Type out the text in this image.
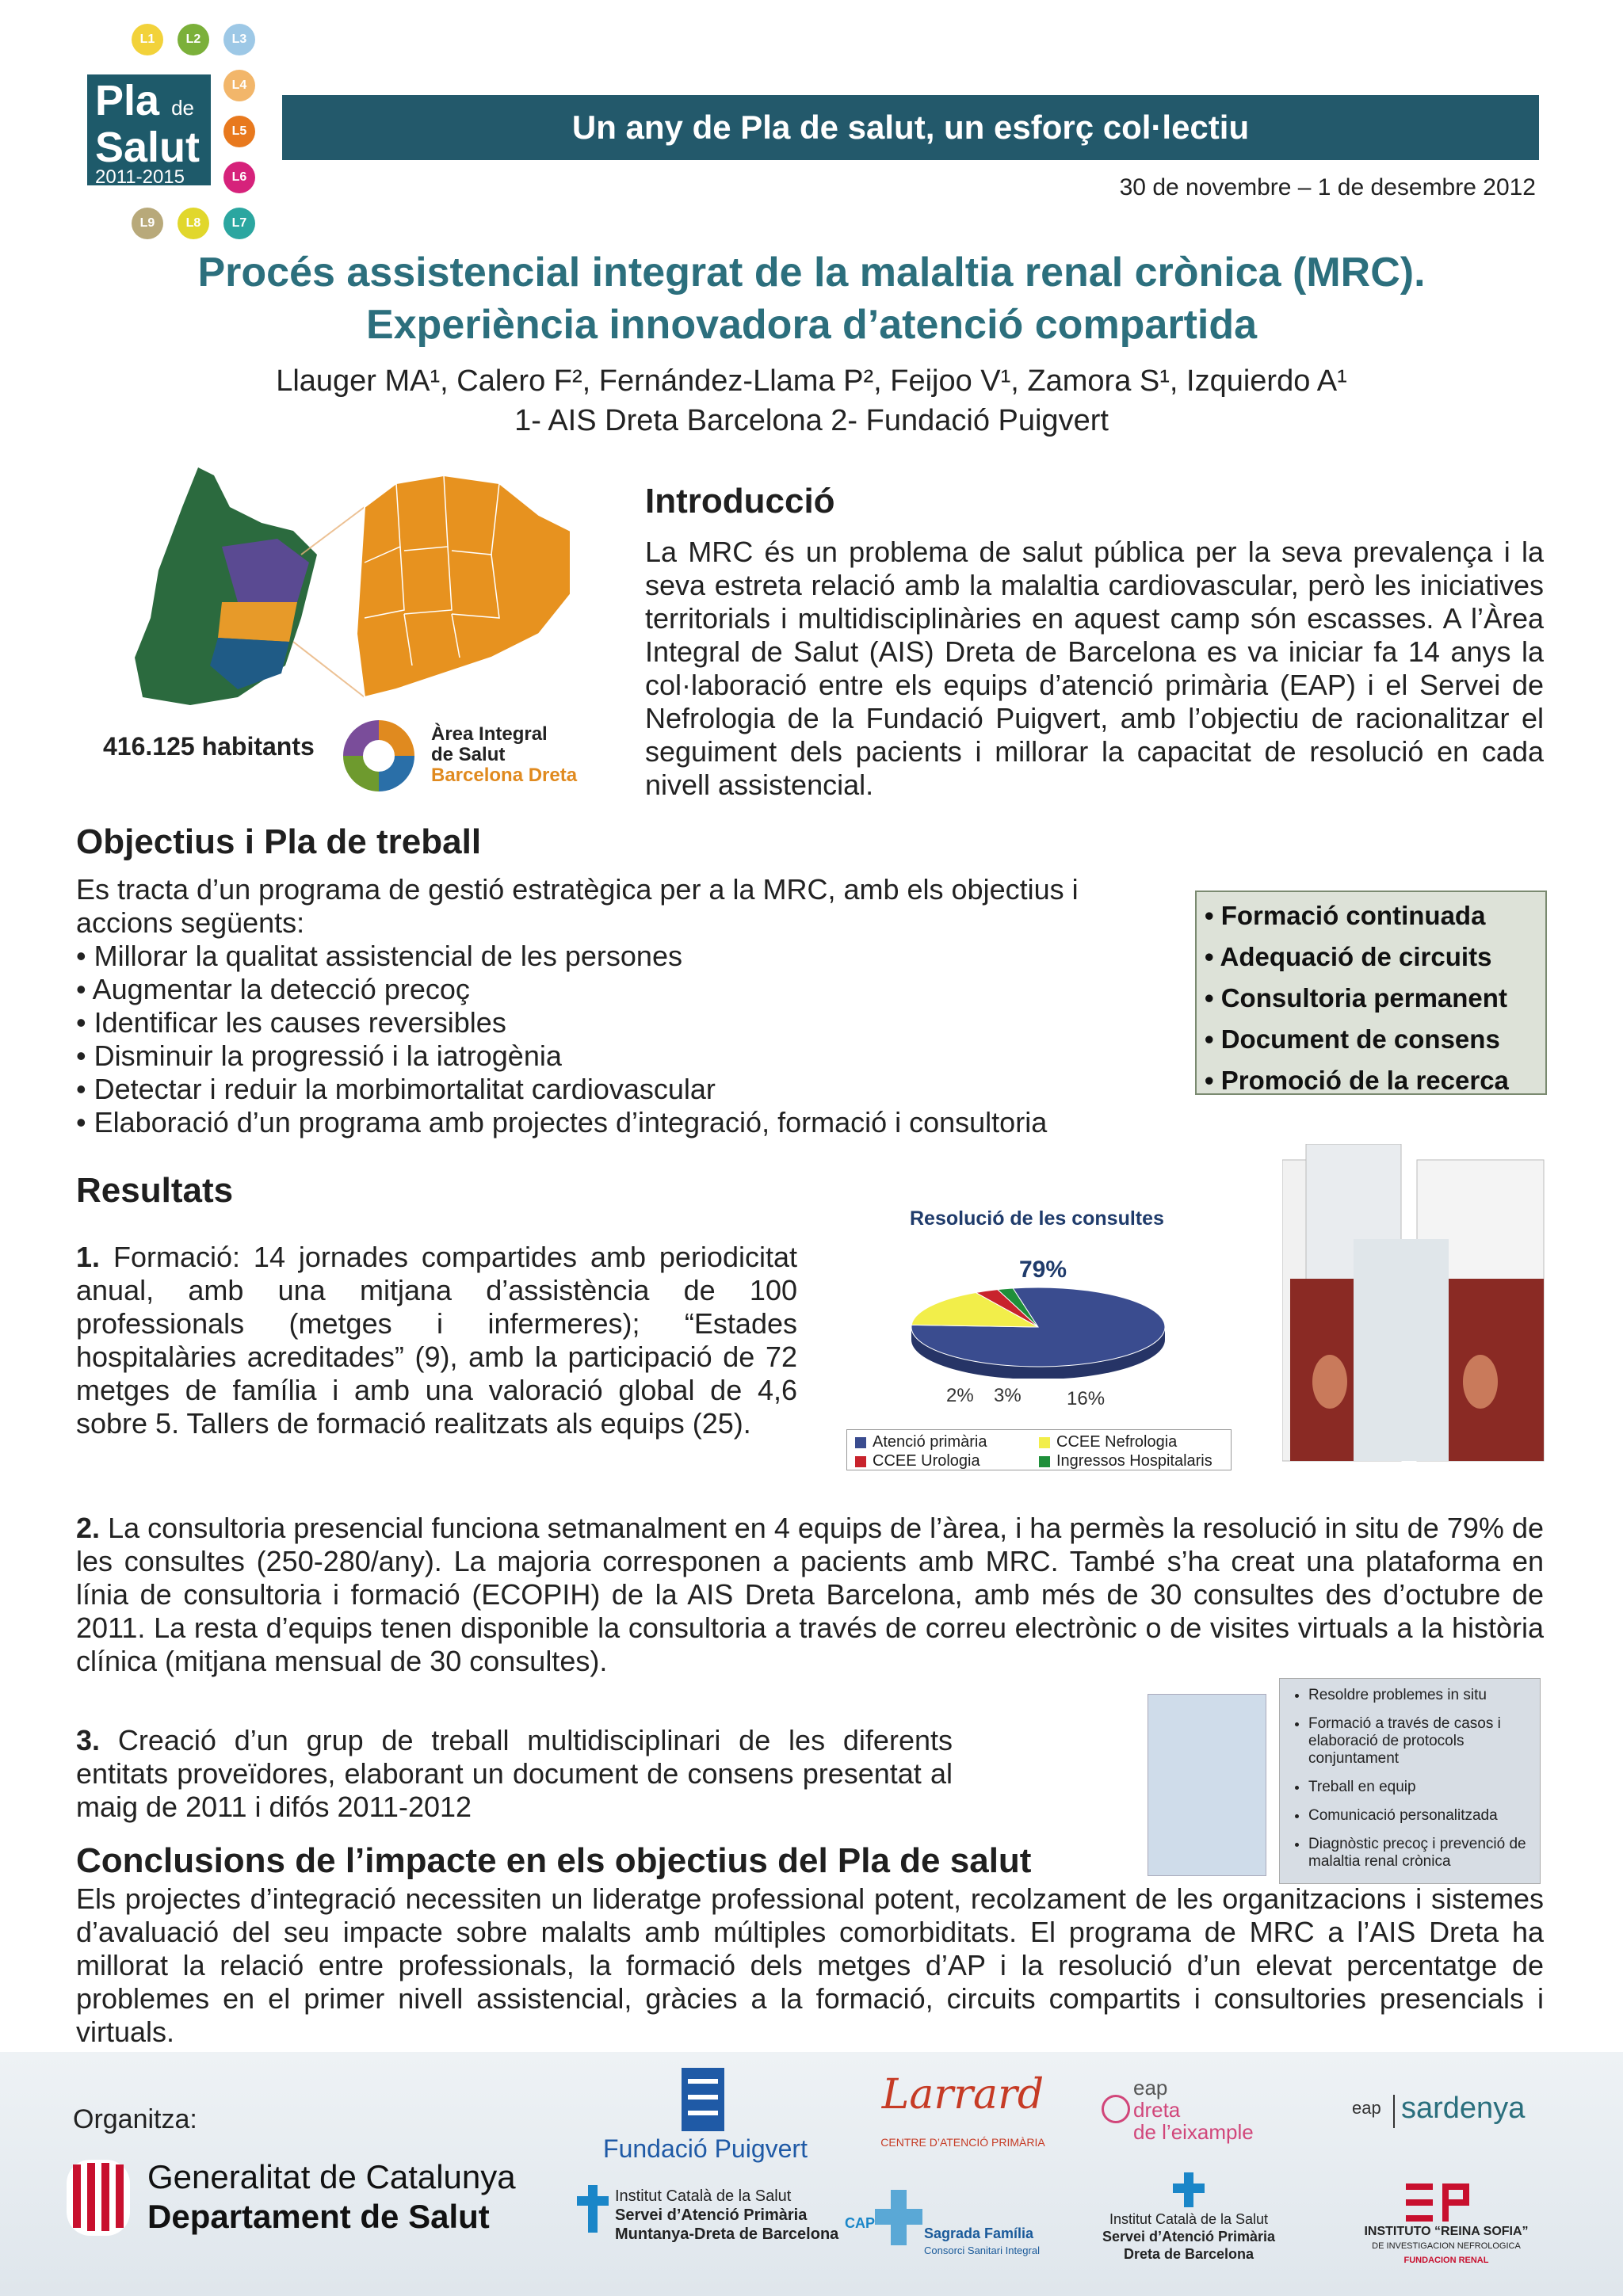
L1	L2	L3
L4
L5
L6
L7
L8
L9
Pla de
Salut
2011-2015
Un any de Pla de salut, un esforç col·lectiu
30 de novembre – 1 de desembre 2012
Procés assistencial integrat de la malaltia renal crònica (MRC).
Experiència innovadora d’atenció compartida
Llauger MA¹, Calero F², Fernández-Llama P², Feijoo V¹, Zamora S¹, Izquierdo A¹
1- AIS Dreta Barcelona 2- Fundació Puigvert
416.125 habitants	Àrea Integral
de Salut
Barcelona Dreta
Introducció
La MRC és un problema de salut pública per la seva prevalença i la seva estreta relació amb la malaltia cardiovascular, però les iniciatives territorials i multidisciplinàries en aquest camp són escasses. A l’Àrea Integral de Salut (AIS) Dreta de Barcelona es va iniciar fa 14 anys la col·laboració entre els equips d’atenció primària (EAP) i el Servei de Nefrologia de la Fundació Puigvert, amb l’objectiu de racionalitzar el seguiment dels pacients i millorar la capacitat de resolució en cada nivell assistencial.
Objectius i Pla de treball
Es tracta d’un programa de gestió estratègica per a la MRC, amb els objectius i accions següents:
• Millorar la qualitat assistencial de les persones
• Augmentar la detecció precoç
• Identificar les causes reversibles
• Disminuir la progressió i la iatrogènia
• Detectar i reduir la morbimortalitat cardiovascular
• Elaboració d’un programa amb projectes d’integració, formació i consultoria
• Formació continuada
• Adequació de circuits
• Consultoria permanent
• Document de consens
• Promoció de la recerca
Resultats
1. Formació: 14 jornades compartides amb periodicitat anual, amb una mitjana d’assistència de 100 professionals (metges i infermeres); “Estades hospitalàries acreditades” (9), amb la participació de 72 metges de família i amb una valoració global de 4,6 sobre 5. Tallers de formació realitzats als equips (25).
Resolució de les consultes
79%
16%
3%
2%
Atenció primària	CCEE Nefrologia
CCEE Urologia	Ingressos Hospitalaris
2. La consultoria presencial funciona setmanalment en 4 equips de l’àrea, i ha permès la resolució in situ de 79% de les consultes (250-280/any). La majoria corresponen a pacients amb MRC. També s’ha creat una plataforma en línia de consultoria i formació (ECOPIH) de la AIS Dreta Barcelona, amb més de 30 consultes des d’octubre de 2011. La resta d’equips tenen disponible la consultoria a través de correu electrònic o de visites virtuals a la història clínica (mitjana mensual de 30 consultes).
3. Creació d’un grup de treball multidisciplinari de les diferents entitats proveïdores, elaborant un document de consens presentat al maig de 2011 i difós 2011-2012
• Resoldre problemes in situ
• Formació a través de casos i elaboració de protocols conjuntament
• Treball en equip
• Comunicació personalitzada
• Diagnòstic precoç i prevenció de malaltia renal crònica
Conclusions de l’impacte en els objectius del Pla de salut
Els projectes d’integració necessiten un lideratge professional potent, recolzament de les organitzacions i sistemes d’avaluació del seu impacte sobre malalts amb múltiples comorbiditats. El programa de MRC a l’AIS Dreta ha millorat la relació entre professionals, la formació dels metges d’AP i la resolució d’un elevat percentatge de problemes en el primer nivell assistencial, gràcies a la formació, circuits compartits i consultories presencials i virtuals.
Organitza:
Generalitat de Catalunya
Departament de Salut
Fundació Puigvert
Larrard
CENTRE D’ATENCIÓ PRIMÀRIA
eap
dreta
de l’eixample
eap sardenya
Institut Català de la Salut
Servei d’Atenció Primària
Muntanya-Dreta de Barcelona
CAP
Sagrada Família
Consorci Sanitari Integral
Institut Català de la Salut
Servei d’Atenció Primària
Dreta de Barcelona
INSTITUTO “REINA SOFIA”
DE INVESTIGACION NEFROLOGICA
FUNDACION RENAL
